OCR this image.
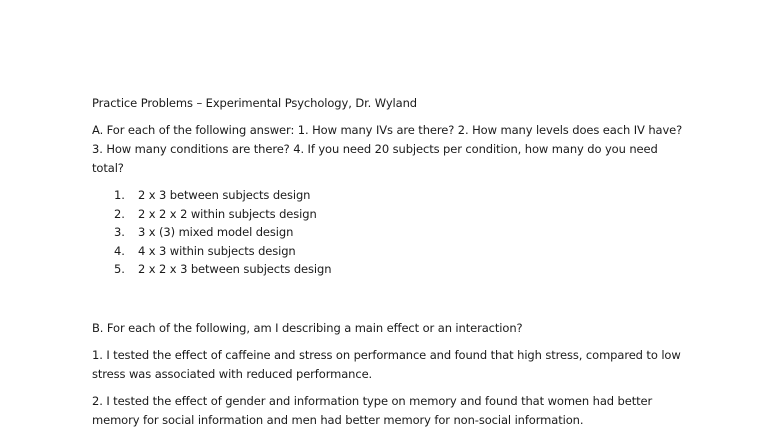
Practice Problems – Experimental Psychology, Dr. Wyland
A. For each of the following answer: 1. How many IVs are there? 2. How many levels does each IV have?
3. How many conditions are there? 4. If you need 20 subjects per condition, how many do you need
total?
1. 2 x 3 between subjects design
2. 2 x 2 x 2 within subjects design
3. 3 x (3) mixed model design
4. 4 x 3 within subjects design
5. 2 x 2 x 3 between subjects design
B. For each of the following, am I describing a main effect or an interaction?
1. I tested the effect of caffeine and stress on performance and found that high stress, compared to low
stress was associated with reduced performance.
2. I tested the effect of gender and information type on memory and found that women had better
memory for social information and men had better memory for non-social information.
